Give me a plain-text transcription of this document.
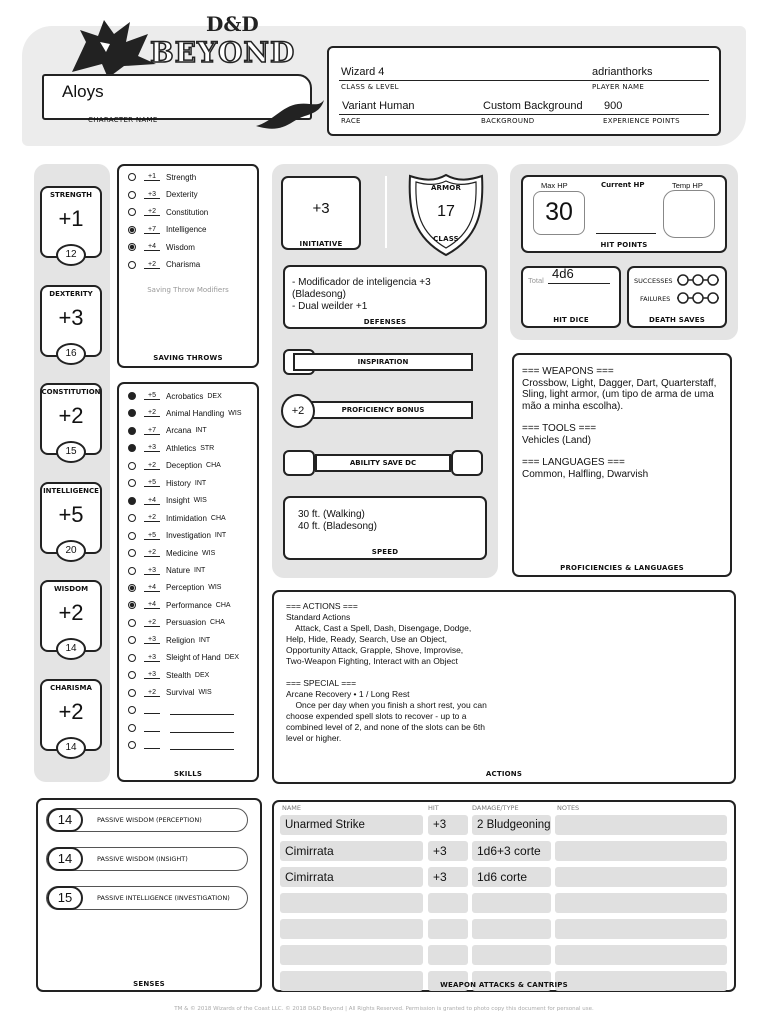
D&D
BEYOND
Aloys
CHARACTER NAME
Wizard 4
CLASS & LEVEL
adrianthorks
PLAYER NAME
Variant Human	Custom Background 900
RACE	BACKGROUND	EXPERIENCE POINTS
STRENGTH
+1
12
DEXTERITY
+3
16
CONSTITUTION
+2
15
INTELLIGENCE
+5
20
WISDOM
+2
14
CHARISMA
+2
14
+1	Strength
+3	Dexterity
+2	Constitution
+7	Intelligence
+4	Wisdom
+2	Charisma
Saving Throw Modifiers
SAVING THROWS
+5	Acrobatics DEX
+2	Animal Handling WIS
+7	Arcana INT
+3	Athletics STR
+2	Deception CHA
+5	History INT
+4	Insight WIS
+2	Intimidation CHA
+5	Investigation INT
+2	Medicine WIS
+3	Nature INT
+4	Perception WIS
+4	Performance CHA
+2	Persuasion CHA
+3	Religion INT
+3	Sleight of Hand DEX
+3	Stealth DEX
+2	Survival WIS

SKILLS
+3
INITIATIVE
ARMOR
17
CLASS
- Modificador de inteligencia +3
(Bladesong)
- Dual weilder +1
DEFENSES
INSPIRATION
PROFICIENCY BONUS
+2
ABILITY SAVE DC
30 ft. (Walking)
40 ft. (Bladesong)
SPEED
Max HP
30
Current HP	Temp HP
HIT POINTS
Total 4d6
HIT DICE
SUCCESSES
FAILURES
DEATH SAVES
=== WEAPONS ===
Crossbow, Light, Dagger, Dart, Quarterstaff,
Sling, light armor, (um tipo de arma de uma
mão a minha escolha).
=== TOOLS ===
Vehicles (Land)
=== LANGUAGES ===
Common, Halfling, Dwarvish
PROFICIENCIES & LANGUAGES
=== ACTIONS ===
Standard Actions
Attack, Cast a Spell, Dash, Disengage, Dodge,
Help, Hide, Ready, Search, Use an Object,
Opportunity Attack, Grapple, Shove, Improvise,
Two-Weapon Fighting, Interact with an Object
=== SPECIAL ===
Arcane Recovery • 1 / Long Rest
Once per day when you finish a short rest, you can
choose expended spell slots to recover - up to a
combined level of 2, and none of the slots can be 6th
level or higher.
ACTIONS
14	PASSIVE WISDOM (PERCEPTION)
14	PASSIVE WISDOM (INSIGHT)
15	PASSIVE INTELLIGENCE (INVESTIGATION)
SENSES
NAME	HIT	DAMAGE/TYPE	NOTES
Unarmed Strike	+3	2 Bludgeoning
Cimirrata	+3	1d6+3 corte
Cimirrata	+3	1d6 corte
WEAPON ATTACKS & CANTRIPS
TM & © 2018 Wizards of the Coast LLC. © 2018 D&D Beyond | All Rights Reserved. Permission is granted to photo copy this document for personal use.
